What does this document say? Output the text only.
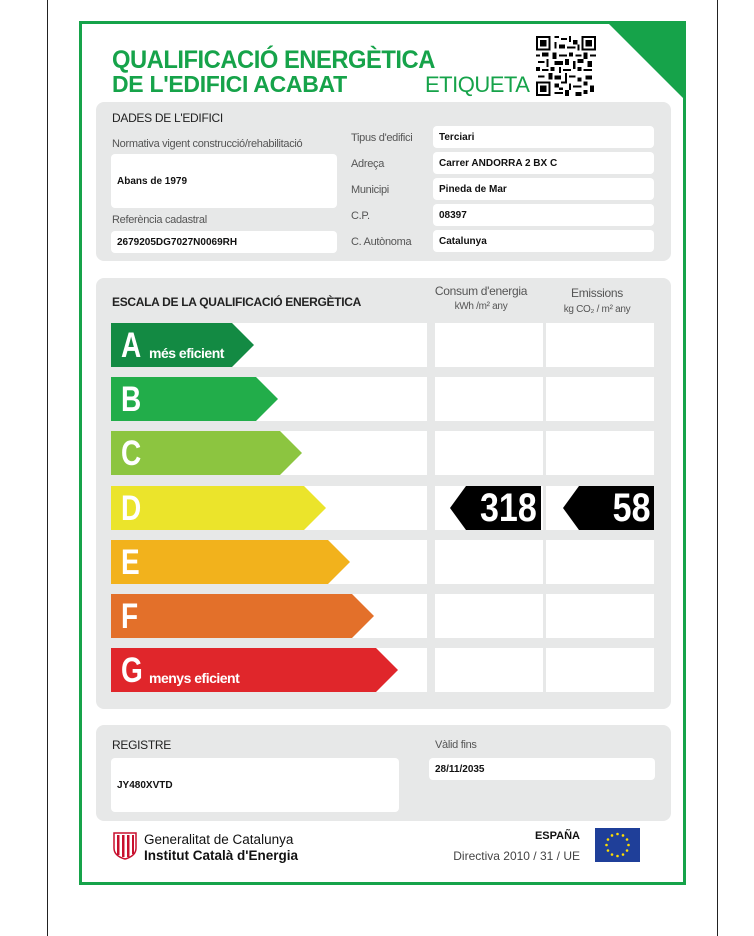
QUALIFICACIÓ ENERGÈTICA
DE L'EDIFICI ACABAT	ETIQUETA
DADES DE L'EDIFICI
Normativa vigent construcció/rehabilitació
Abans de 1979
Referència cadastral
2679205DG7027N0069RH
Tipus d'edifici	Terciari
Adreça	Carrer ANDORRA 2 BX C
Municipi	Pineda de Mar
C.P.	08397
C. Autònoma	Catalunya
ESCALA DE LA QUALIFICACIÓ ENERGÈTICA
Consum d'energia
kWh /m² any
Emissions
kg CO₂ / m² any
A més eficient
B
C
D	318 58
E
F
G menys eficient
REGISTRE
JY480XVTD
Vàlid fins
28/11/2035
Generalitat de Catalunya
Institut Català d'Energia
ESPAÑA
Directiva 2010 / 31 / UE
